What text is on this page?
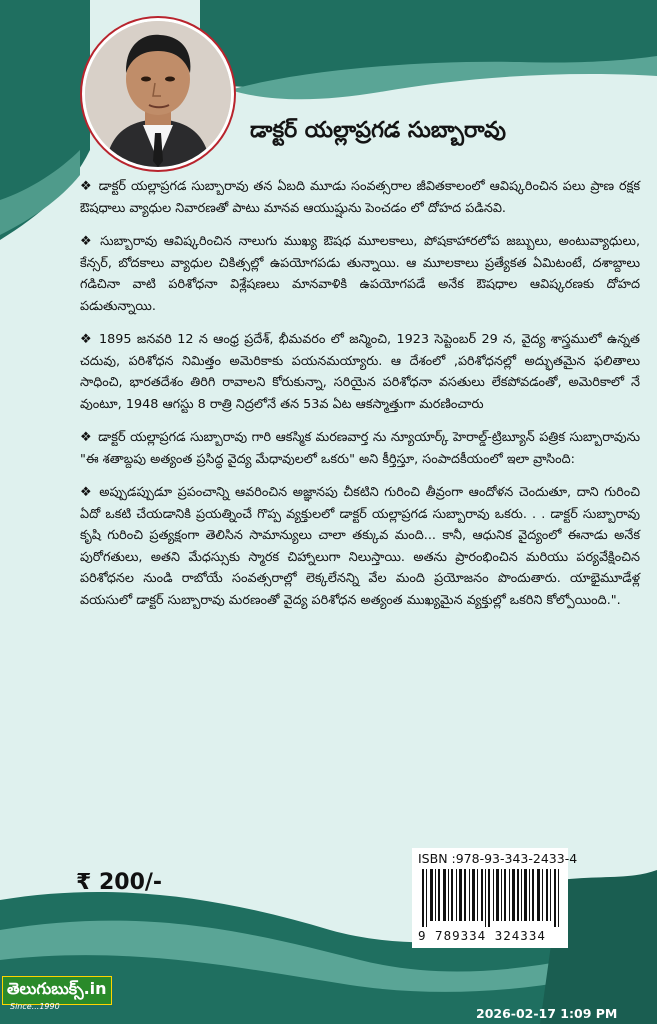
డాక్టర్ యల్లాప్రగడ సుబ్బారావు

❖ డాక్టర్ యల్లాప్రగడ సుబ్బారావు తన ఏబది మూడు సంవత్సరాల జీవితకాలంలో ఆవిష్కరించిన పలు ప్రాణ రక్షక ఔషధాలు వ్యాధుల నివారణతో పాటు మానవ ఆయుష్షును పెంచడం లో దోహద పడినవి.

❖ సుబ్బారావు ఆవిష్కరించిన నాలుగు ముఖ్య ఔషధ మూలకాలు, పోషకాహారలోప జబ్బులు, అంటువ్యాధులు, కేన్సర్, బోదకాలు వ్యాధుల చికిత్సల్లో ఉపయోగపడు తున్నాయి. ఆ మూలకాలు ప్రత్యేకత ఏమిటంటే, దశాబ్దాలు గడిచినా వాటి పరిశోధనా విశ్లేషణలు మానవాళికి ఉపయోగపడే అనేక ఔషధాల ఆవిష్కరణకు దోహద పడుతున్నాయి.

❖ 1895 జనవరి 12 న ఆంధ్ర ప్రదేశ్, భీమవరం లో జన్మించి, 1923 సెప్టెంబర్ 29 న, వైద్య శాస్త్రములో ఉన్నత చదువు, పరిశోధన నిమిత్తం అమెరికాకు పయనమయ్యారు. ఆ దేశంలో ,పరిశోధనల్లో అద్భుతమైన ఫలితాలు సాధించి, భారతదేశం తిరిగి రావాలని కోరుకున్నా, సరియైన పరిశోధనా వసతులు లేకపోవడంతో, అమెరికాలో నే వుంటూ, 1948 ఆగస్టు 8 రాత్రి నిద్రలోనే తన 53వ ఏట ఆకస్మాత్తుగా మరణించారు

❖ డాక్టర్ యల్లాప్రగడ సుబ్బారావు గారి ఆకస్మిక మరణవార్త ను న్యూయార్క్ హెరాల్డ్-ట్రిబ్యూన్ పత్రిక సుబ్బారావును "ఈ శతాబ్దపు అత్యంత ప్రసిద్ధ వైద్య మేధావులలో ఒకరు" అని కీర్తిస్తూ, సంపాదకీయంలో ఇలా వ్రాసింది:

❖ అప్పుడప్పుడూ ప్రపంచాన్ని ఆవరించిన అజ్ఞానపు చీకటిని గురించి తీవ్రంగా ఆందోళన చెందుతూ, దాని గురించి ఏదో ఒకటి చేయడానికి ప్రయత్నించే గొప్ప వ్యక్తులలో డాక్టర్ యల్లాప్రగడ సుబ్బారావు ఒకరు. . . డాక్టర్ సుబ్బారావు కృషి గురించి ప్రత్యక్షంగా తెలిసిన సామాన్యులు చాలా తక్కువ మంది... కానీ, ఆధునిక వైద్యంలో ఈనాడు అనేక పురోగతులు, అతని మేధస్సుకు స్మారక చిహ్నాలుగా నిలుస్తాయి. అతను ప్రారంభించిన మరియు పర్యవేక్షించిన పరిశోధనల నుండి రాబోయే సంవత్సరాల్లో లెక్కలేనన్ని వేల మంది ప్రయోజనం పొందుతారు. యాభైమూడేళ్ల వయసులో డాక్టర్ సుబ్బారావు మరణంతో వైద్య పరిశోధన అత్యంత ముఖ్యమైన వ్యక్తుల్లో ఒకరిని కోల్పోయింది.".

₹ 200/-
ISBN :978-93-343-2433-4
9 789334 324334
తెలుగుబుక్స్.in
Since...1990	2026-02-17 1:09 PM
